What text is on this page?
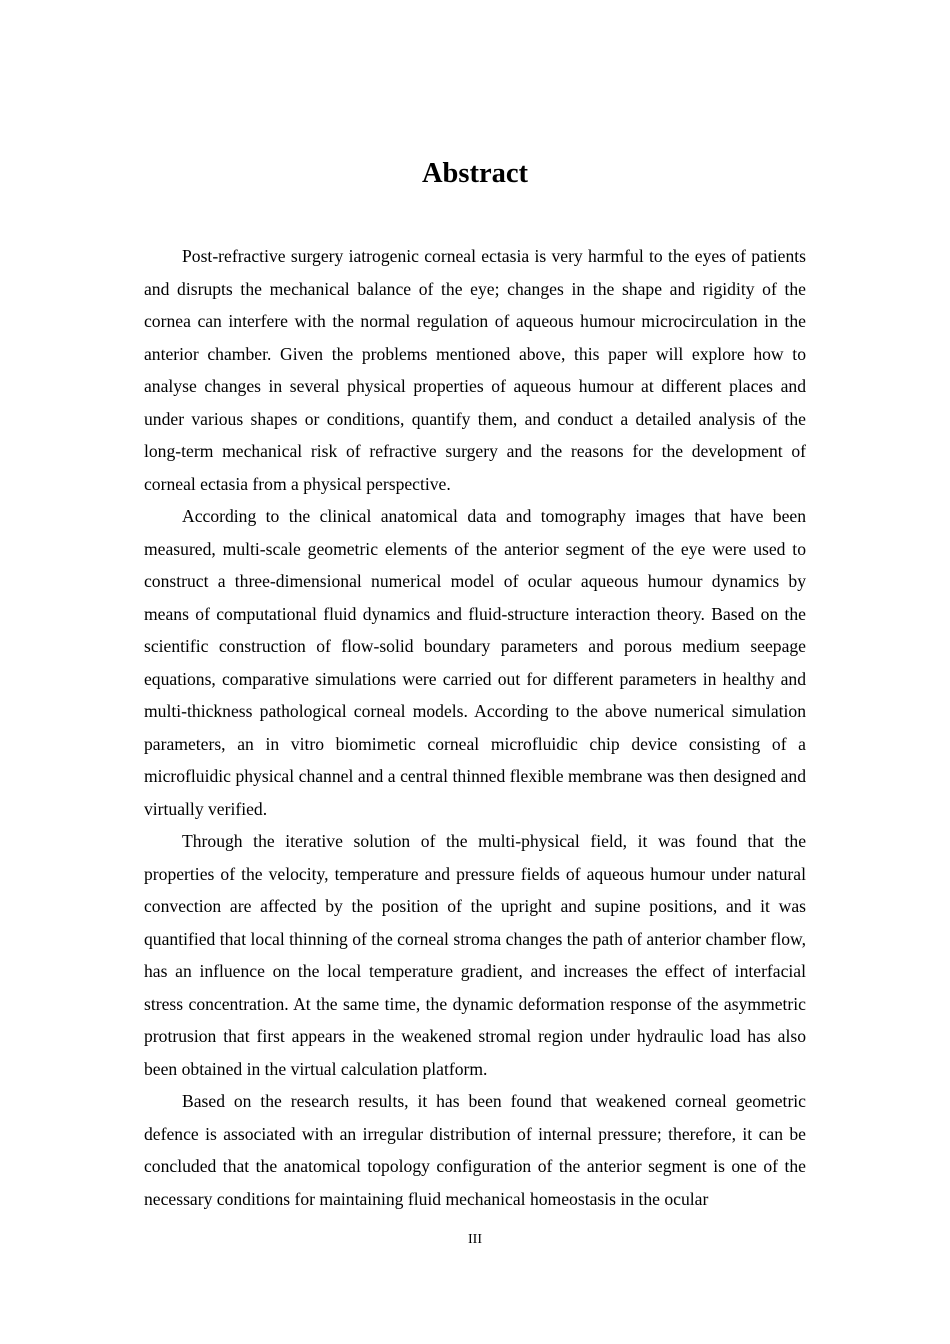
Abstract

Post-refractive surgery iatrogenic corneal ectasia is very harmful to the eyes of patients and disrupts the mechanical balance of the eye; changes in the shape and rigidity of the cornea can interfere with the normal regulation of aqueous humour microcirculation in the anterior chamber. Given the problems mentioned above, this paper will explore how to analyse changes in several physical properties of aqueous humour at different places and under various shapes or conditions, quantify them, and conduct a detailed analysis of the long-term mechanical risk of refractive surgery and the reasons for the development of corneal ectasia from a physical perspective.

According to the clinical anatomical data and tomography images that have been measured, multi-scale geometric elements of the anterior segment of the eye were used to construct a three-dimensional numerical model of ocular aqueous humour dynamics by means of computational fluid dynamics and fluid-structure interaction theory. Based on the scientific construction of flow-solid boundary parameters and porous medium seepage equations, comparative simulations were carried out for different parameters in healthy and multi-thickness pathological corneal models. According to the above numerical simulation parameters, an in vitro biomimetic corneal microfluidic chip device consisting of a microfluidic physical channel and a central thinned flexible membrane was then designed and virtually verified.

Through the iterative solution of the multi-physical field, it was found that the properties of the velocity, temperature and pressure fields of aqueous humour under natural convection are affected by the position of the upright and supine positions, and it was quantified that local thinning of the corneal stroma changes the path of anterior chamber flow, has an influence on the local temperature gradient, and increases the effect of interfacial stress concentration. At the same time, the dynamic deformation response of the asymmetric protrusion that first appears in the weakened stromal region under hydraulic load has also been obtained in the virtual calculation platform.

Based on the research results, it has been found that weakened corneal geometric defence is associated with an irregular distribution of internal pressure; therefore, it can be concluded that the anatomical topology configuration of the anterior segment is one of the necessary conditions for maintaining fluid mechanical homeostasis in the ocular

III
